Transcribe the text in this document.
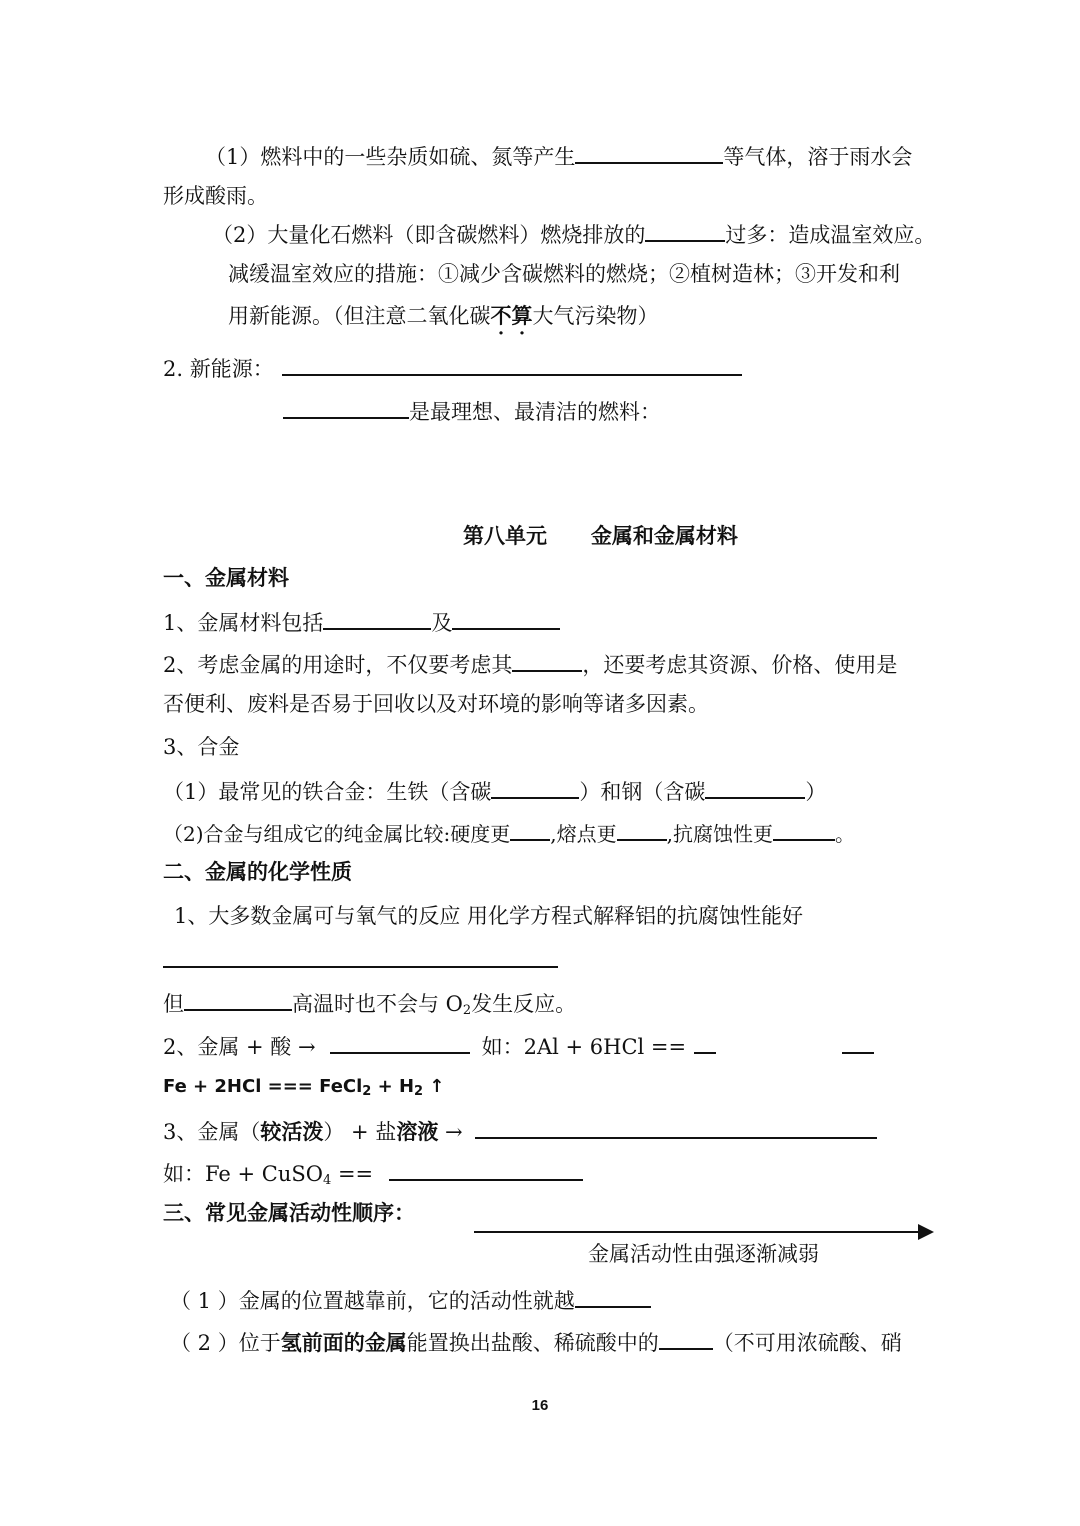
（1）燃料中的一些杂质如硫、氮等产生	等气体，溶于雨水会
形成酸雨。
（2）大量化石燃料（即含碳燃料）燃烧排放的	过多：造成温室效应。
减缓温室效应的措施：①减少含碳燃料的燃烧；②植树造林；③开发和利
用新能源。（但注意二氧化碳不算大气污染物）
2. 新能源：
是最理想、最清洁的燃料：
第八单元      金属和金属材料
一、金属材料
1、金属材料包括	及
2、考虑金属的用途时，不仅要考虑其	，还要考虑其资源、价格、使用是
否便利、废料是否易于回收以及对环境的影响等诸多因素。
3、合金
（1）最常见的铁合金：生铁（含碳	）和钢（含碳	）
（2)合金与组成它的纯金属比较:硬度更 ,熔点更	,抗腐蚀性更	。
二、金属的化学性质
1、大多数金属可与氧气的反应 用化学方程式解释铝的抗腐蚀性能好
但	高温时也不会与 $O_2$发生反应。
2、金属 + 酸 →	如：2Al + 6HCl ==
Fe + 2HCl === FeCl$_2$ + $H_2$ ↑
3、金属（较活泼） + 盐溶液 →
如：Fe + CuSO$_4$ ==
三、常见金属活动性顺序：
金属活动性由强逐渐减弱
（ 1 ）金属的位置越靠前，它的活动性就越
（ 2 ）位于氢前面的金属能置换出盐酸、稀硫酸中的	（不可用浓硫酸、硝
16
